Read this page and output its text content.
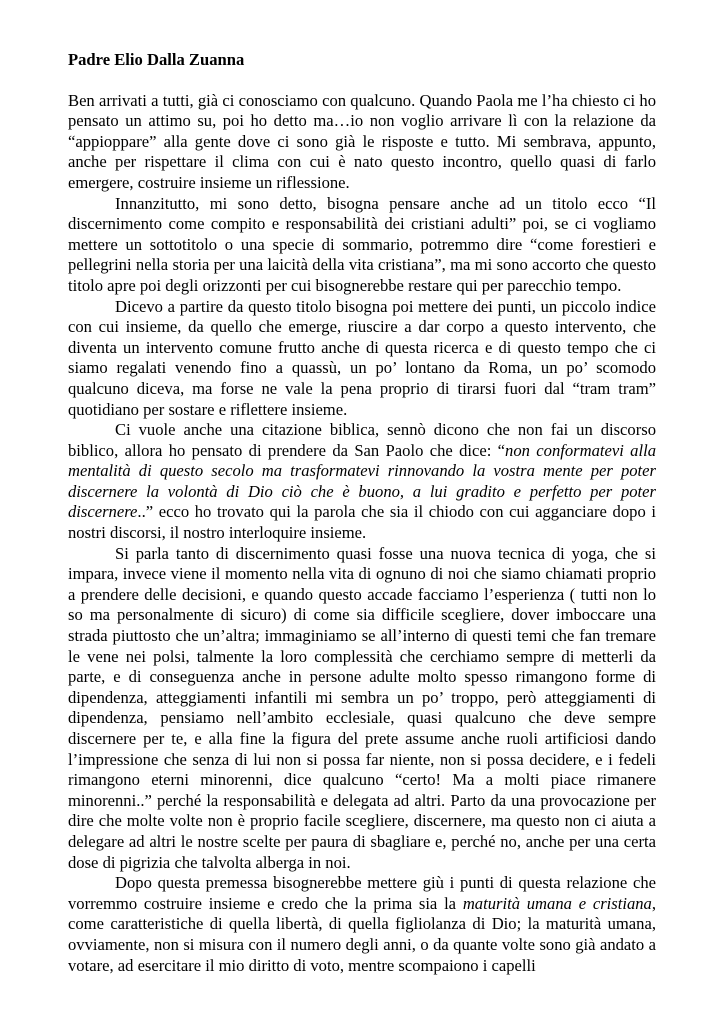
Padre Elio Dalla Zuanna

Ben arrivati a tutti, già ci conosciamo con qualcuno. Quando Paola me l’ha chiesto ci ho pensato un attimo su, poi ho detto ma…io non voglio arrivare lì con la relazione da “appioppare” alla gente dove ci sono già le risposte e tutto. Mi sembrava, appunto, anche per rispettare il clima con cui è nato questo incontro, quello quasi di farlo emergere, costruire insieme un riflessione.

Innanzitutto, mi sono detto, bisogna pensare anche ad un titolo ecco “Il discernimento come compito e responsabilità dei cristiani adulti” poi, se ci vogliamo mettere un sottotitolo o una specie di sommario, potremmo dire “come forestieri e pellegrini nella storia per una laicità della vita cristiana”, ma mi sono accorto che questo titolo apre poi degli orizzonti per cui bisognerebbe restare qui per parecchio tempo.

Dicevo a partire da questo titolo bisogna poi mettere dei punti, un piccolo indice con cui insieme, da quello che emerge, riuscire a dar corpo a questo intervento, che diventa un intervento comune frutto anche di questa ricerca e di questo tempo che ci siamo regalati venendo fino a quassù, un po’ lontano da Roma, un po’ scomodo qualcuno diceva, ma forse ne vale la pena proprio di tirarsi fuori dal “tram tram” quotidiano per sostare e riflettere insieme.

Ci vuole anche una citazione biblica, sennò dicono che non fai un discorso biblico, allora ho pensato di prendere da San Paolo che dice: “non conformatevi alla mentalità di questo secolo ma trasformatevi rinnovando la vostra mente per poter discernere la volontà di Dio ciò che è buono, a lui gradito e perfetto per poter discernere..” ecco ho trovato qui la parola che sia il chiodo con cui agganciare dopo i nostri discorsi, il nostro interloquire insieme.

Si parla tanto di discernimento quasi fosse una nuova tecnica di yoga, che si impara, invece viene il momento nella vita di ognuno di noi che siamo chiamati proprio a prendere delle decisioni, e quando questo accade facciamo l’esperienza ( tutti non lo so ma personalmente di sicuro) di come sia difficile scegliere, dover imboccare una strada piuttosto che un’altra; immaginiamo se all’interno di questi temi che fan tremare le vene nei polsi, talmente la loro complessità che cerchiamo sempre di metterli da parte, e di conseguenza anche in persone adulte molto spesso rimangono forme di dipendenza, atteggiamenti infantili mi sembra un po’ troppo, però atteggiamenti di dipendenza, pensiamo nell’ambito ecclesiale, quasi qualcuno che deve sempre discernere per te, e alla fine la figura del prete assume anche ruoli artificiosi dando l’impressione che senza di lui non si possa far niente, non si possa decidere, e i fedeli rimangono eterni minorenni, dice qualcuno “certo! Ma a molti piace rimanere minorenni..” perché la responsabilità e delegata ad altri. Parto da una provocazione per dire che molte volte non è proprio facile scegliere, discernere, ma questo non ci aiuta a delegare ad altri le nostre scelte per paura di sbagliare e, perché no, anche per una certa dose di pigrizia che talvolta alberga in noi.

Dopo questa premessa bisognerebbe mettere giù i punti di questa relazione che vorremmo costruire insieme e credo che la prima sia la maturità umana e cristiana, come caratteristiche di quella libertà, di quella figliolanza di Dio; la maturità umana, ovviamente, non si misura con il numero degli anni, o da quante volte sono già andato a votare, ad esercitare il mio diritto di voto, mentre scompaiono i capelli
